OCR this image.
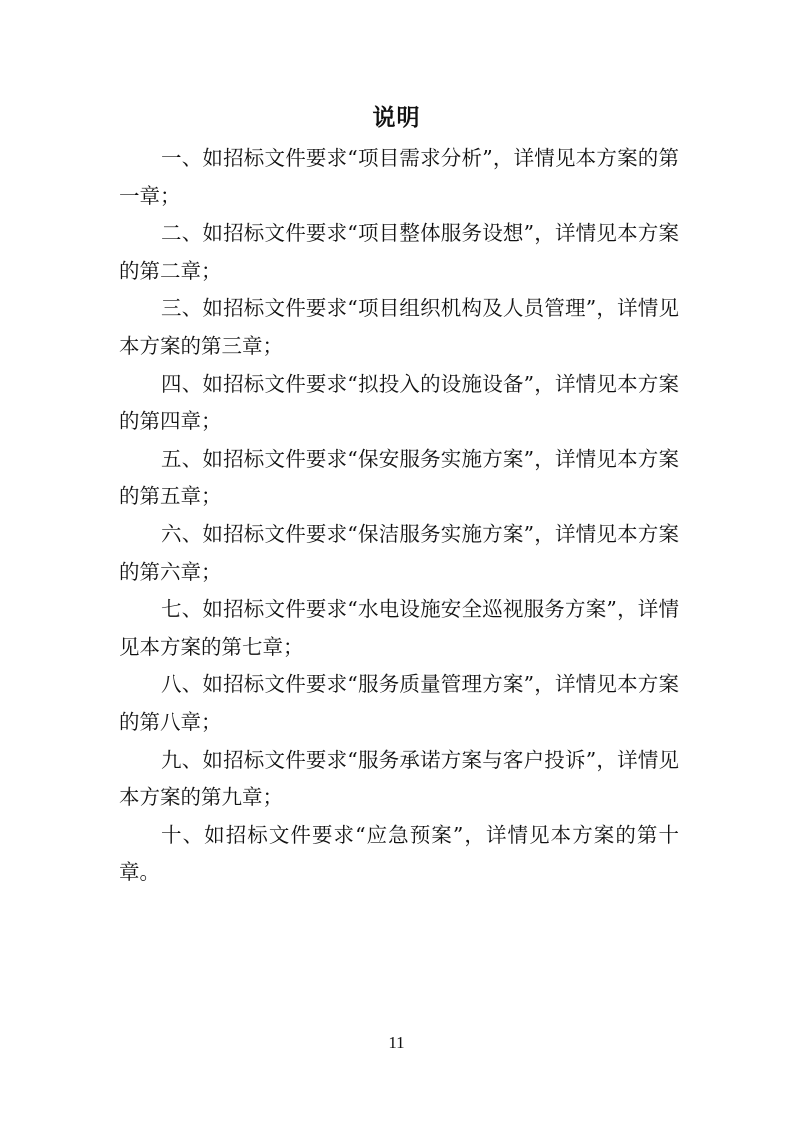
说明

一、如招标文件要求“项目需求分析”，详情见本方案的第一章；

二、如招标文件要求“项目整体服务设想”，详情见本方案的第二章；

三、如招标文件要求“项目组织机构及人员管理”，详情见本方案的第三章；

四、如招标文件要求“拟投入的设施设备”，详情见本方案的第四章；

五、如招标文件要求“保安服务实施方案”，详情见本方案的第五章；

六、如招标文件要求“保洁服务实施方案”，详情见本方案的第六章；

七、如招标文件要求“水电设施安全巡视服务方案”，详情见本方案的第七章；

八、如招标文件要求“服务质量管理方案”，详情见本方案的第八章；

九、如招标文件要求“服务承诺方案与客户投诉”，详情见本方案的第九章；

十、如招标文件要求“应急预案”，详情见本方案的第十章。

11
